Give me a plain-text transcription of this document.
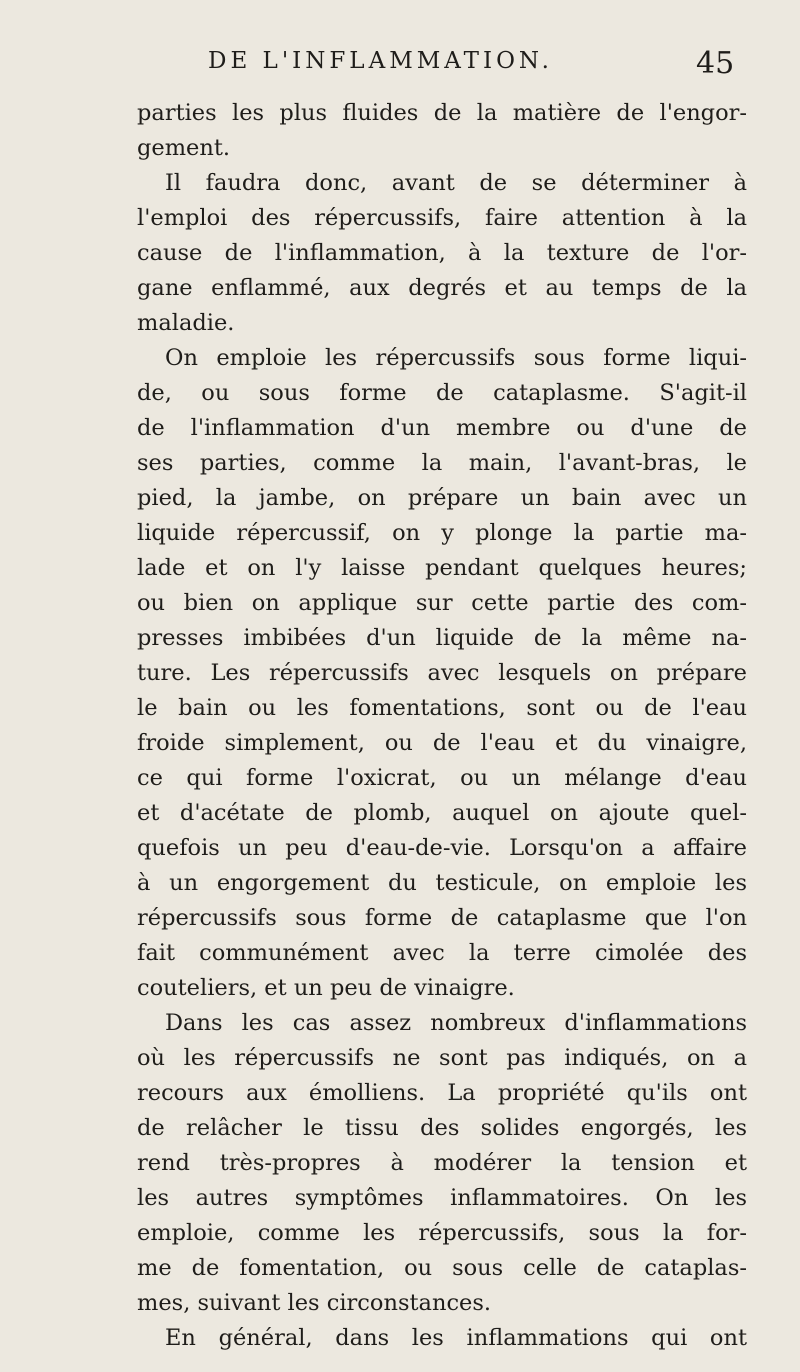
DE L'INFLAMMATION.	45
parties les plus fluides de la matière de l'engor-
gement.
Il faudra donc, avant de se déterminer à
l'emploi des répercussifs, faire attention à la
cause de l'inflammation, à la texture de l'or-
gane enflammé, aux degrés et au temps de la
maladie.
On emploie les répercussifs sous forme liqui-
de, ou sous forme de cataplasme. S'agit-il
de l'inflammation d'un membre ou d'une de
ses parties, comme la main, l'avant-bras, le
pied, la jambe, on prépare un bain avec un
liquide répercussif, on y plonge la partie ma-
lade et on l'y laisse pendant quelques heures;
ou bien on applique sur cette partie des com-
presses imbibées d'un liquide de la même na-
ture. Les répercussifs avec lesquels on prépare
le bain ou les fomentations, sont ou de l'eau
froide simplement, ou de l'eau et du vinaigre,
ce qui forme l'oxicrat, ou un mélange d'eau
et d'acétate de plomb, auquel on ajoute quel-
quefois un peu d'eau-de-vie. Lorsqu'on a affaire
à un engorgement du testicule, on emploie les
répercussifs sous forme de cataplasme que l'on
fait communément avec la terre cimolée des
couteliers, et un peu de vinaigre.
Dans les cas assez nombreux d'inflammations
où les répercussifs ne sont pas indiqués, on a
recours aux émolliens. La propriété qu'ils ont
de relâcher le tissu des solides engorgés, les
rend très-propres à modérer la tension et
les autres symptômes inflammatoires. On les
emploie, comme les répercussifs, sous la for-
me de fomentation, ou sous celle de cataplas-
mes, suivant les circonstances.
En général, dans les inflammations qui ont
